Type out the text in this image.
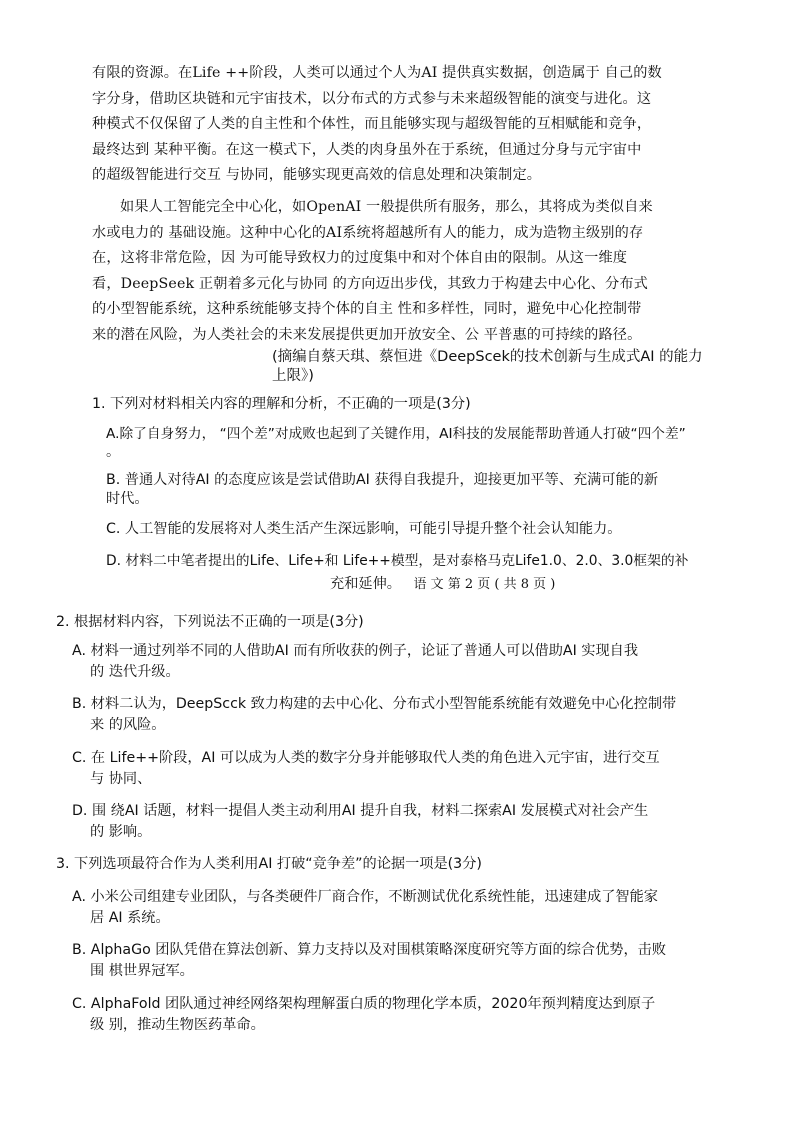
有限的资源。在Life ++阶段，人类可以通过个人为AI 提供真实数据，创造属于 自己的数

字分身，借助区块链和元宇宙技术，以分布式的方式参与未来超级智能的演变与进化。这

种模式不仅保留了人类的自主性和个体性，而且能够实现与超级智能的互相赋能和竞争，

最终达到 某种平衡。在这一模式下，人类的肉身虽外在于系统，但通过分身与元宇宙中

的超级智能进行交互 与协同，能够实现更高效的信息处理和决策制定。

如果人工智能完全中心化，如OpenAI 一般提供所有服务，那么，其将成为类似自来

水或电力的 基础设施。这种中心化的AI系统将超越所有人的能力，成为造物主级别的存

在，这将非常危险，因 为可能导致权力的过度集中和对个体自由的限制。从这一维度

看，DeepSeek 正朝着多元化与协同 的方向迈出步伐，其致力于构建去中心化、分布式

的小型智能系统，这种系统能够支持个体的自主 性和多样性，同时，避免中心化控制带

来的潜在风险，为人类社会的未来发展提供更加开放安全、公 平普惠的可持续的路径。

(摘编自蔡天琪、蔡恒进《DeepScek的技术创新与生成式AI 的能力

上限》)

1. 下列对材料相关内容的理解和分析，不正确的一项是(3分)

A.除了自身努力， “四个差”对成败也起到了关键作用，AI科技的发展能帮助普通人打破“四个差”

。

B. 普通人对待AI 的态度应该是尝试借助AI 获得自我提升，迎接更加平等、充满可能的新

时代。

C. 人工智能的发展将对人类生活产生深远影响，可能引导提升整个社会认知能力。

D. 材料二中笔者提出的Life、Life+和 Life++模型，是对泰格马克Life1.0、2.0、3.0框架的补

充和延伸。 语 文 第 2 页 ( 共 8 页 )

2. 根据材料内容，下列说法不正确的一项是(3分)

A. 材料一通过列举不同的人借助AI 而有所收获的例子，论证了普通人可以借助AI 实现自我

的 迭代升级。

B. 材料二认为，DeepScck 致力构建的去中心化、分布式小型智能系统能有效避免中心化控制带

来 的风险。

C. 在 Life++阶段，AI 可以成为人类的数字分身并能够取代人类的角色进入元宇宙，进行交互

与 协同、

D. 围 绕AI 话题，材料一提倡人类主动利用AI 提升自我，材料二探索AI 发展模式对社会产生

的 影响。

3. 下列选项最符合作为人类利用AI 打破“竞争差”的论据一项是(3分)

A. 小米公司组建专业团队，与各类硬件厂商合作，不断测试优化系统性能，迅速建成了智能家

居 AI 系统。

B. AlphaGo 团队凭借在算法创新、算力支持以及对围棋策略深度研究等方面的综合优势，击败

围 棋世界冠军。

C. AlphaFold 团队通过神经网络架构理解蛋白质的物理化学本质，2020年预判精度达到原子

级 别，推动生物医药革命。
